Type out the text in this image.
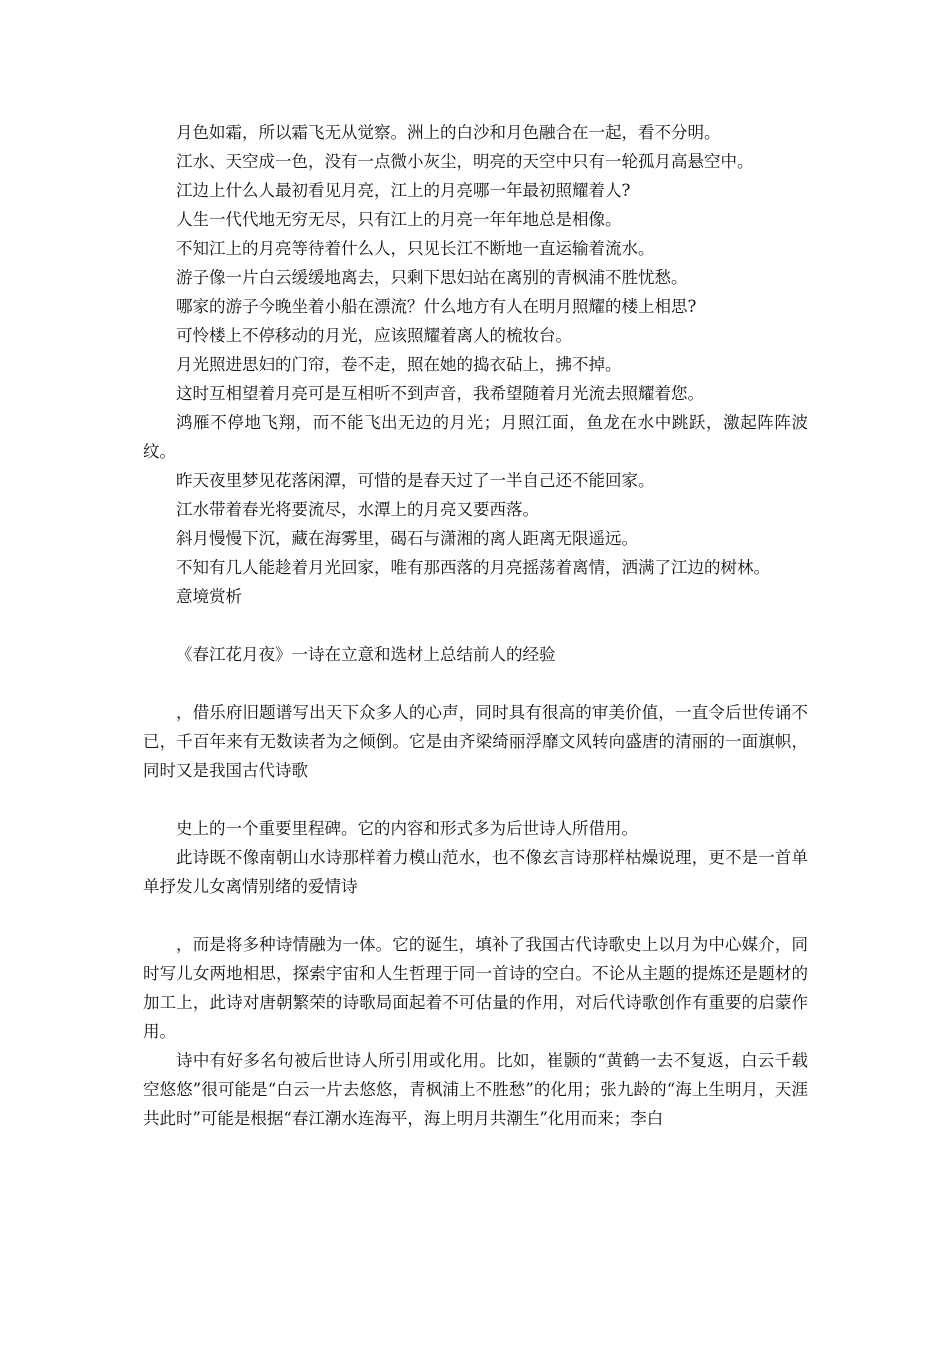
月色如霜，所以霜飞无从觉察。洲上的白沙和月色融合在一起，看不分明。

江水、天空成一色，没有一点微小灰尘，明亮的天空中只有一轮孤月高悬空中。

江边上什么人最初看见月亮，江上的月亮哪一年最初照耀着人?

人生一代代地无穷无尽，只有江上的月亮一年年地总是相像。

不知江上的月亮等待着什么人，只见长江不断地一直运输着流水。

游子像一片白云缓缓地离去，只剩下思妇站在离别的青枫浦不胜忧愁。

哪家的游子今晚坐着小船在漂流？什么地方有人在明月照耀的楼上相思?

可怜楼上不停移动的月光，应该照耀着离人的梳妆台。

月光照进思妇的门帘，卷不走，照在她的捣衣砧上，拂不掉。

这时互相望着月亮可是互相听不到声音，我希望随着月光流去照耀着您。

鸿雁不停地飞翔，而不能飞出无边的月光；月照江面，鱼龙在水中跳跃，激起阵阵波纹。

昨天夜里梦见花落闲潭，可惜的是春天过了一半自己还不能回家。

江水带着春光将要流尽，水潭上的月亮又要西落。

斜月慢慢下沉，藏在海雾里，碣石与潇湘的离人距离无限遥远。

不知有几人能趁着月光回家，唯有那西落的月亮摇荡着离情，洒满了江边的树林。

意境赏析

《春江花月夜》一诗在立意和选材上总结前人的经验

，借乐府旧题谱写出天下众多人的心声，同时具有很高的审美价值，一直令后世传诵不已，千百年来有无数读者为之倾倒。它是由齐梁绮丽浮靡文风转向盛唐的清丽的一面旗帜，同时又是我国古代诗歌

史上的一个重要里程碑。它的内容和形式多为后世诗人所借用。

此诗既不像南朝山水诗那样着力模山范水，也不像玄言诗那样枯燥说理，更不是一首单单抒发儿女离情别绪的爱情诗

，而是将多种诗情融为一体。它的诞生，填补了我国古代诗歌史上以月为中心媒介，同时写儿女两地相思，探索宇宙和人生哲理于同一首诗的空白。不论从主题的提炼还是题材的加工上，此诗对唐朝繁荣的诗歌局面起着不可估量的作用，对后代诗歌创作有重要的启蒙作用。

诗中有好多名句被后世诗人所引用或化用。比如，崔颢的“黄鹤一去不复返，白云千载空悠悠”很可能是“白云一片去悠悠，青枫浦上不胜愁”的化用；张九龄的“海上生明月，天涯共此时”可能是根据“春江潮水连海平，海上明月共潮生”化用而来；李白
